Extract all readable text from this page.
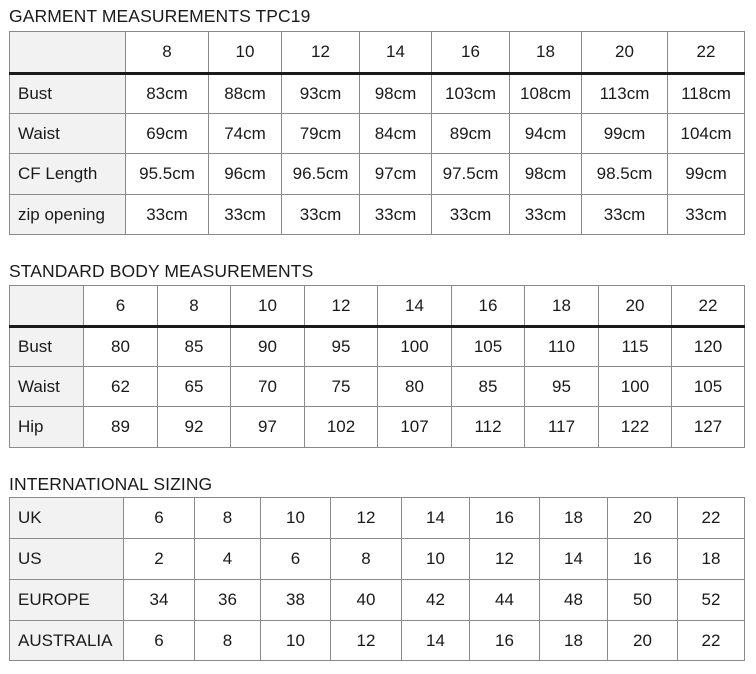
GARMENT MEASUREMENTS TPC19
	8	10	12	14	16	18	20	22
Bust	83cm	88cm	93cm	98cm	103cm	108cm	113cm	118cm
Waist	69cm	74cm	79cm	84cm	89cm	94cm	99cm	104cm
CF Length	95.5cm	96cm	96.5cm	97cm	97.5cm	98cm	98.5cm	99cm
zip opening	33cm	33cm	33cm	33cm	33cm	33cm	33cm	33cm
STANDARD BODY MEASUREMENTS
	6	8	10	12	14	16	18	20	22
Bust	80	85	90	95	100	105	110	115	120
Waist	62	65	70	75	80	85	95	100	105
Hip	89	92	97	102	107	112	117	122	127
INTERNATIONAL SIZING
UK	6	8	10	12	14	16	18	20	22
US	2	4	6	8	10	12	14	16	18
EUROPE	34	36	38	40	42	44	48	50	52
AUSTRALIA	6	8	10	12	14	16	18	20	22
